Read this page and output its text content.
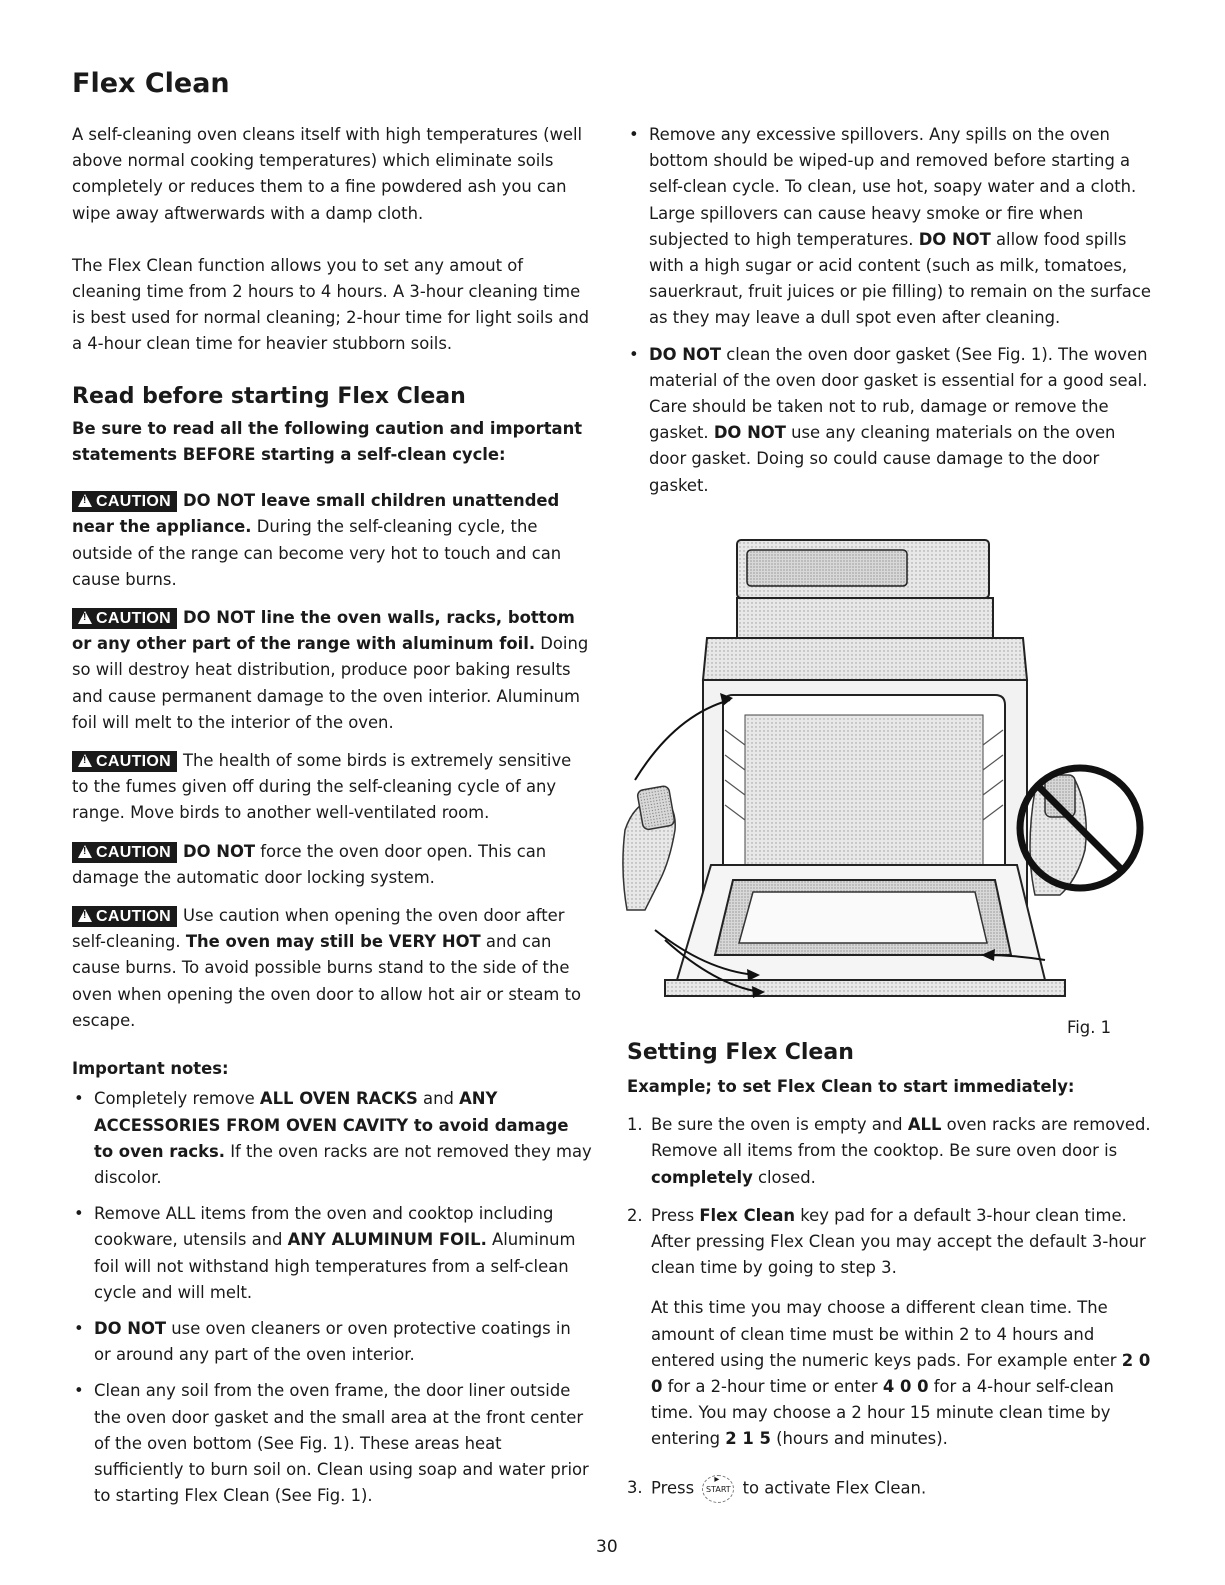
Flex Clean

A self-cleaning oven cleans itself with high temperatures (well above normal cooking temperatures) which eliminate soils completely or reduces them to a fine powdered ash you can wipe away aftwerwards with a damp cloth.

The Flex Clean function allows you to set any amout of cleaning time from 2 hours to 4 hours. A 3-hour cleaning time is best used for normal cleaning; 2-hour time for light soils and a 4-hour clean time for heavier stubborn soils.

Read before starting Flex Clean

Be sure to read all the following caution and important statements BEFORE starting a self-clean cycle:

!CAUTION DO NOT leave small children unattended near the appliance. During the self-cleaning cycle, the outside of the range can become very hot to touch and can cause burns.

!CAUTION DO NOT line the oven walls, racks, bottom or any other part of the range with aluminum foil. Doing so will destroy heat distribution, produce poor baking results and cause permanent damage to the oven interior. Aluminum foil will melt to the interior of the oven.

!CAUTION The health of some birds is extremely sensitive to the fumes given off during the self-cleaning cycle of any range. Move birds to another well-ventilated room.

!CAUTION DO NOT force the oven door open. This can damage the automatic door locking system.

!CAUTION Use caution when opening the oven door after self-cleaning. The oven may still be VERY HOT and can cause burns. To avoid possible burns stand to the side of the oven when opening the oven door to allow hot air or steam to escape.

Important notes:

• Completely remove ALL OVEN RACKS and ANY ACCESSORIES FROM OVEN CAVITY to avoid damage to oven racks. If the oven racks are not removed they may discolor.
• Remove ALL items from the oven and cooktop including cookware, utensils and ANY ALUMINUM FOIL. Aluminum foil will not withstand high temperatures from a self-clean cycle and will melt.
• DO NOT use oven cleaners or oven protective coatings in or around any part of the oven interior.
• Clean any soil from the oven frame, the door liner outside the oven door gasket and the small area at the front center of the oven bottom (See Fig. 1). These areas heat sufficiently to burn soil on. Clean using soap and water prior to starting Flex Clean (See Fig. 1).
• Remove any excessive spillovers. Any spills on the oven bottom should be wiped-up and removed before starting a self-clean cycle. To clean, use hot, soapy water and a cloth. Large spillovers can cause heavy smoke or fire when subjected to high temperatures. DO NOT allow food spills with a high sugar or acid content (such as milk, tomatoes, sauerkraut, fruit juices or pie filling) to remain on the surface as they may leave a dull spot even after cleaning.
• DO NOT clean the oven door gasket (See Fig. 1). The woven material of the oven door gasket is essential for a good seal. Care should be taken not to rub, damage or remove the gasket. DO NOT use any cleaning materials on the oven door gasket. Doing so could cause damage to the door gasket.
Fig. 1
Setting Flex Clean

Example; to set Flex Clean to start immediately:

1. Be sure the oven is empty and ALL oven racks are removed. Remove all items from the cooktop. Be sure oven door is completely closed.
2. Press Flex Clean key pad for a default 3-hour clean time. After pressing Flex Clean you may accept the default 3-hour clean time by going to step 3.
At this time you may choose a different clean time. The amount of clean time must be within 2 to 4 hours and entered using the numeric keys pads. For example enter 2 0 0 for a 2-hour time or enter 4 0 0 for a 4-hour self-clean time. You may choose a 2 hour 15 minute clean time by entering 2 1 5 (hours and minutes).
3. Press ▸ START to activate Flex Clean.
30
